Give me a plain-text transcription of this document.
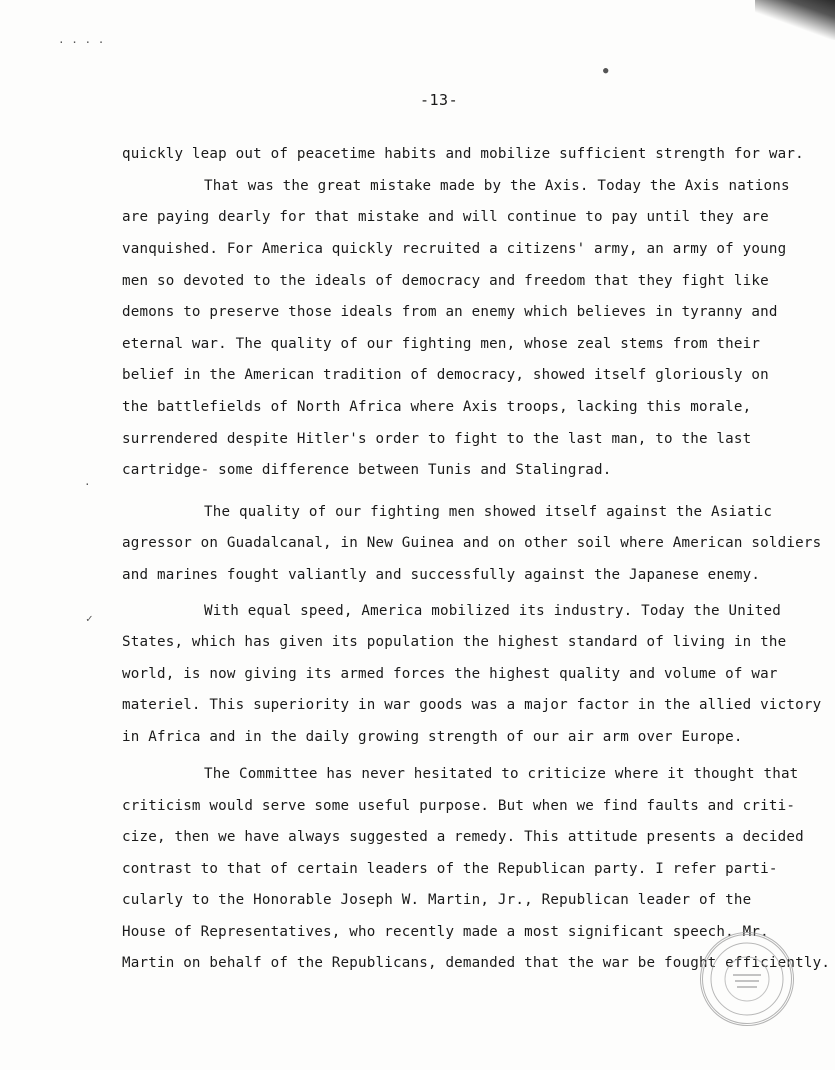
· · · ·
●
·
✓
-13-
quickly leap out of peacetime habits and mobilize sufficient strength for war.
That was the great mistake made by the Axis. Today the Axis nations
are paying dearly for that mistake and will continue to pay until they are
vanquished. For America quickly recruited a citizens' army, an army of young
men so devoted to the ideals of democracy and freedom that they fight like
demons to preserve those ideals from an enemy which believes in tyranny and
eternal war. The quality of our fighting men, whose zeal stems from their
belief in the American tradition of democracy, showed itself gloriously on
the battlefields of North Africa where Axis troops, lacking this morale,
surrendered despite Hitler's order to fight to the last man, to the last
cartridge- some difference between Tunis and Stalingrad.
The quality of our fighting men showed itself against the Asiatic
agressor on Guadalcanal, in New Guinea and on other soil where American soldiers
and marines fought valiantly and successfully against the Japanese enemy.
With equal speed, America mobilized its industry. Today the United
States, which has given its population the highest standard of living in the
world, is now giving its armed forces the highest quality and volume of war
materiel. This superiority in war goods was a major factor in the allied victory
in Africa and in the daily growing strength of our air arm over Europe.
The Committee has never hesitated to criticize where it thought that
criticism would serve some useful purpose. But when we find faults and criti-
cize, then we have always suggested a remedy. This attitude presents a decided
contrast to that of certain leaders of the Republican party. I refer parti-
cularly to the Honorable Joseph W. Martin, Jr., Republican leader of the
House of Representatives, who recently made a most significant speech. Mr.
Martin on behalf of the Republicans, demanded that the war be fought efficiently.
